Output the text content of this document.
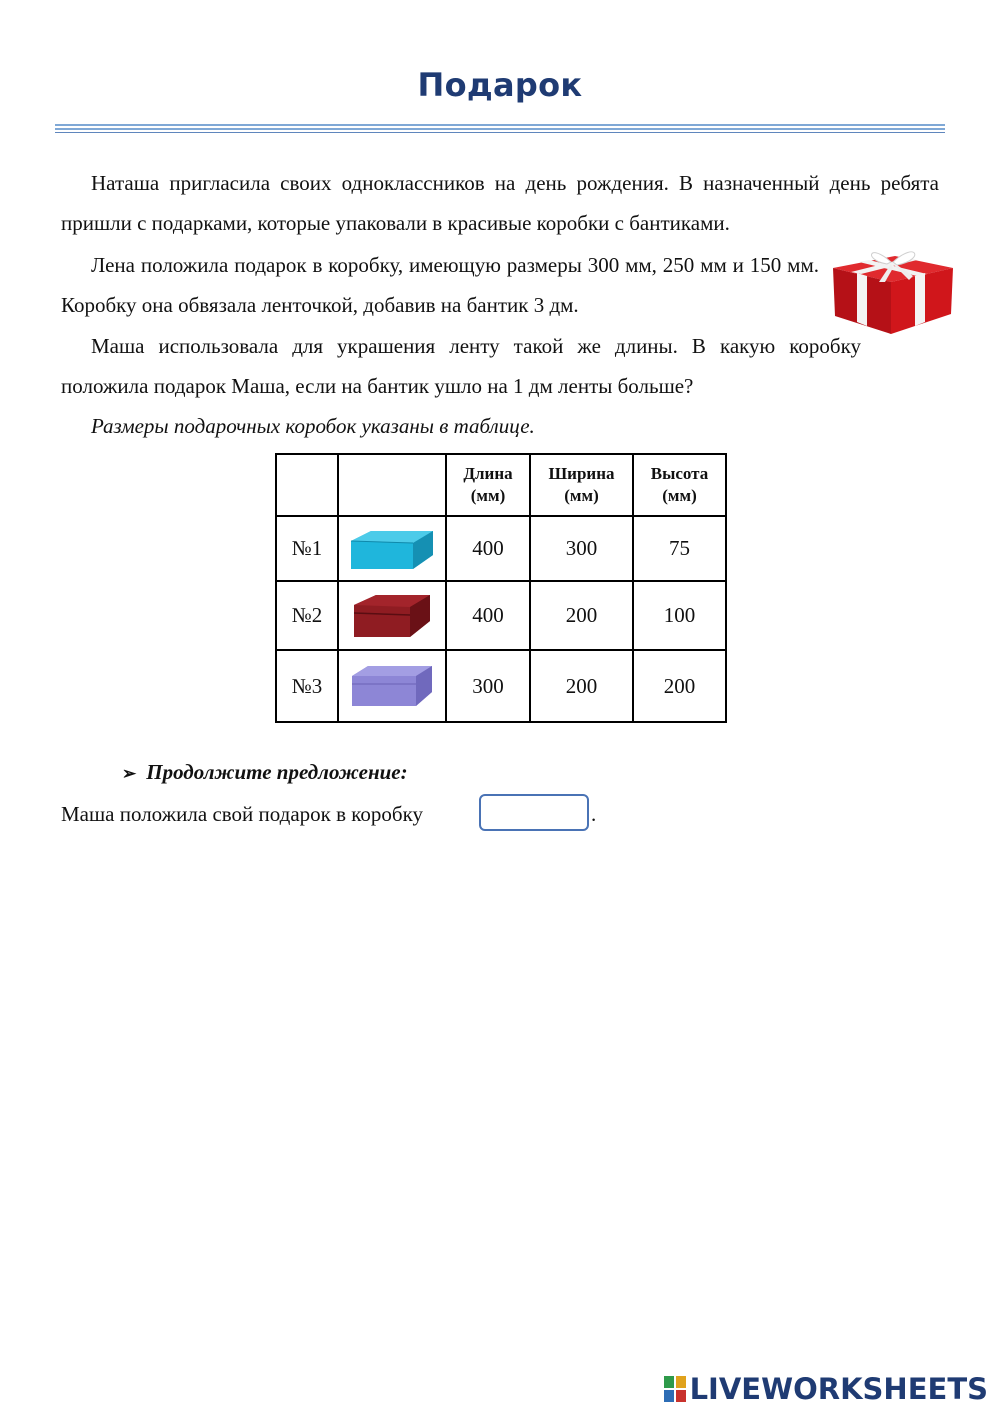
Подарок

Наташа пригласила своих одноклассников на день рождения. В назначенный день ребята пришли с подарками, которые упаковали в красивые коробки с бантиками.

Лена положила подарок в коробку, имеющую размеры 300 мм, 250 мм и 150 мм. Коробку она обвязала ленточкой, добавив на бантик 3 дм.

Маша использовала для украшения ленту такой же длины. В какую коробку положила подарок Маша, если на бантик ушло на 1 дм ленты больше?

Размеры подарочных коробок указаны в таблице.

		Длина (мм)	Ширина (мм)	Высота (мм)
№1		400	300	75
№2		400	200	100
№3		300	200	200
➢ Продолжите предложение:
Маша положила свой подарок в коробку	.
LIVEWORKSHEETS
